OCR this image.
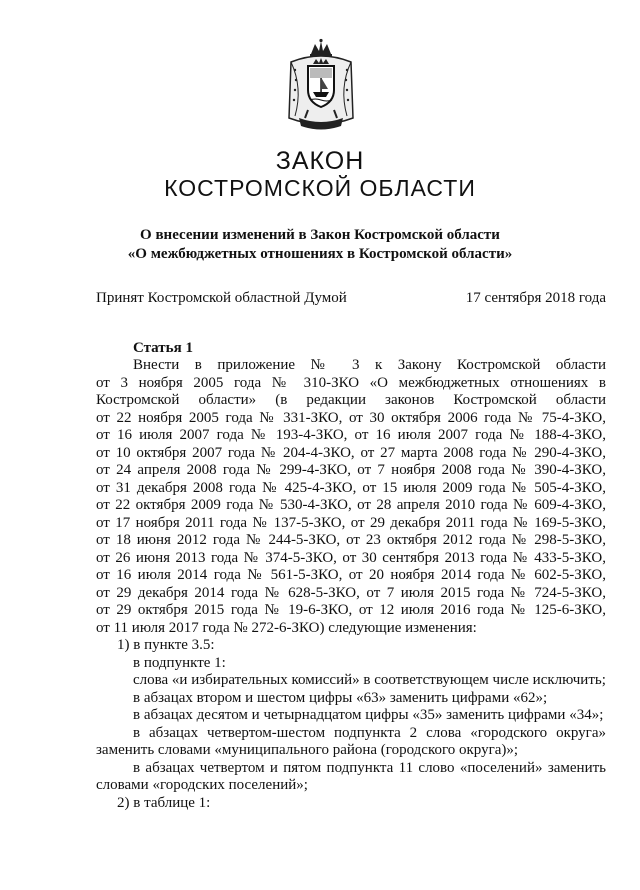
ЗАКОН
КОСТРОМСКОЙ ОБЛАСТИ
О внесении изменений в Закон Костромской области
«О межбюджетных отношениях в Костромской области»
Принят Костромской областной Думой	17 сентября 2018 года
Статья 1
Внести в приложение № 3 к Закону Костромской области
от 3 ноября 2005 года № 310-ЗКО «О межбюджетных отношениях в
Костромской области» (в редакции законов Костромской области
от 22 ноября 2005 года № 331-ЗКО, от 30 октября 2006 года № 75-4-ЗКО,
от 16 июля 2007 года № 193-4-ЗКО, от 16 июля 2007 года № 188-4-ЗКО,
от 10 октября 2007 года № 204-4-ЗКО, от 27 марта 2008 года № 290-4-ЗКО,
от 24 апреля 2008 года № 299-4-ЗКО, от 7 ноября 2008 года № 390-4-ЗКО,
от 31 декабря 2008 года № 425-4-ЗКО, от 15 июля 2009 года № 505-4-ЗКО,
от 22 октября 2009 года № 530-4-ЗКО, от 28 апреля 2010 года № 609-4-ЗКО,
от 17 ноября 2011 года № 137-5-ЗКО, от 29 декабря 2011 года № 169-5-ЗКО,
от 18 июня 2012 года № 244-5-ЗКО, от 23 октября 2012 года № 298-5-ЗКО,
от 26 июня 2013 года № 374-5-ЗКО, от 30 сентября 2013 года № 433-5-ЗКО,
от 16 июля 2014 года № 561-5-ЗКО, от 20 ноября 2014 года № 602-5-ЗКО,
от 29 декабря 2014 года № 628-5-ЗКО, от 7 июля 2015 года № 724-5-ЗКО,
от 29 октября 2015 года № 19-6-ЗКО, от 12 июля 2016 года № 125-6-ЗКО,
от 11 июля 2017 года № 272-6-ЗКО) следующие изменения:
1) в пункте 3.5:
в подпункте 1:
слова «и избирательных комиссий» в соответствующем числе исключить;
в абзацах втором и шестом цифры «63» заменить цифрами «62»;
в абзацах десятом и четырнадцатом цифры «35» заменить цифрами «34»;
в абзацах четвертом-шестом подпункта 2 слова «городского округа»
заменить словами «муниципального района (городского округа)»;
в абзацах четвертом и пятом подпункта 11 слово «поселений» заменить
словами «городских поселений»;
2) в таблице 1:
